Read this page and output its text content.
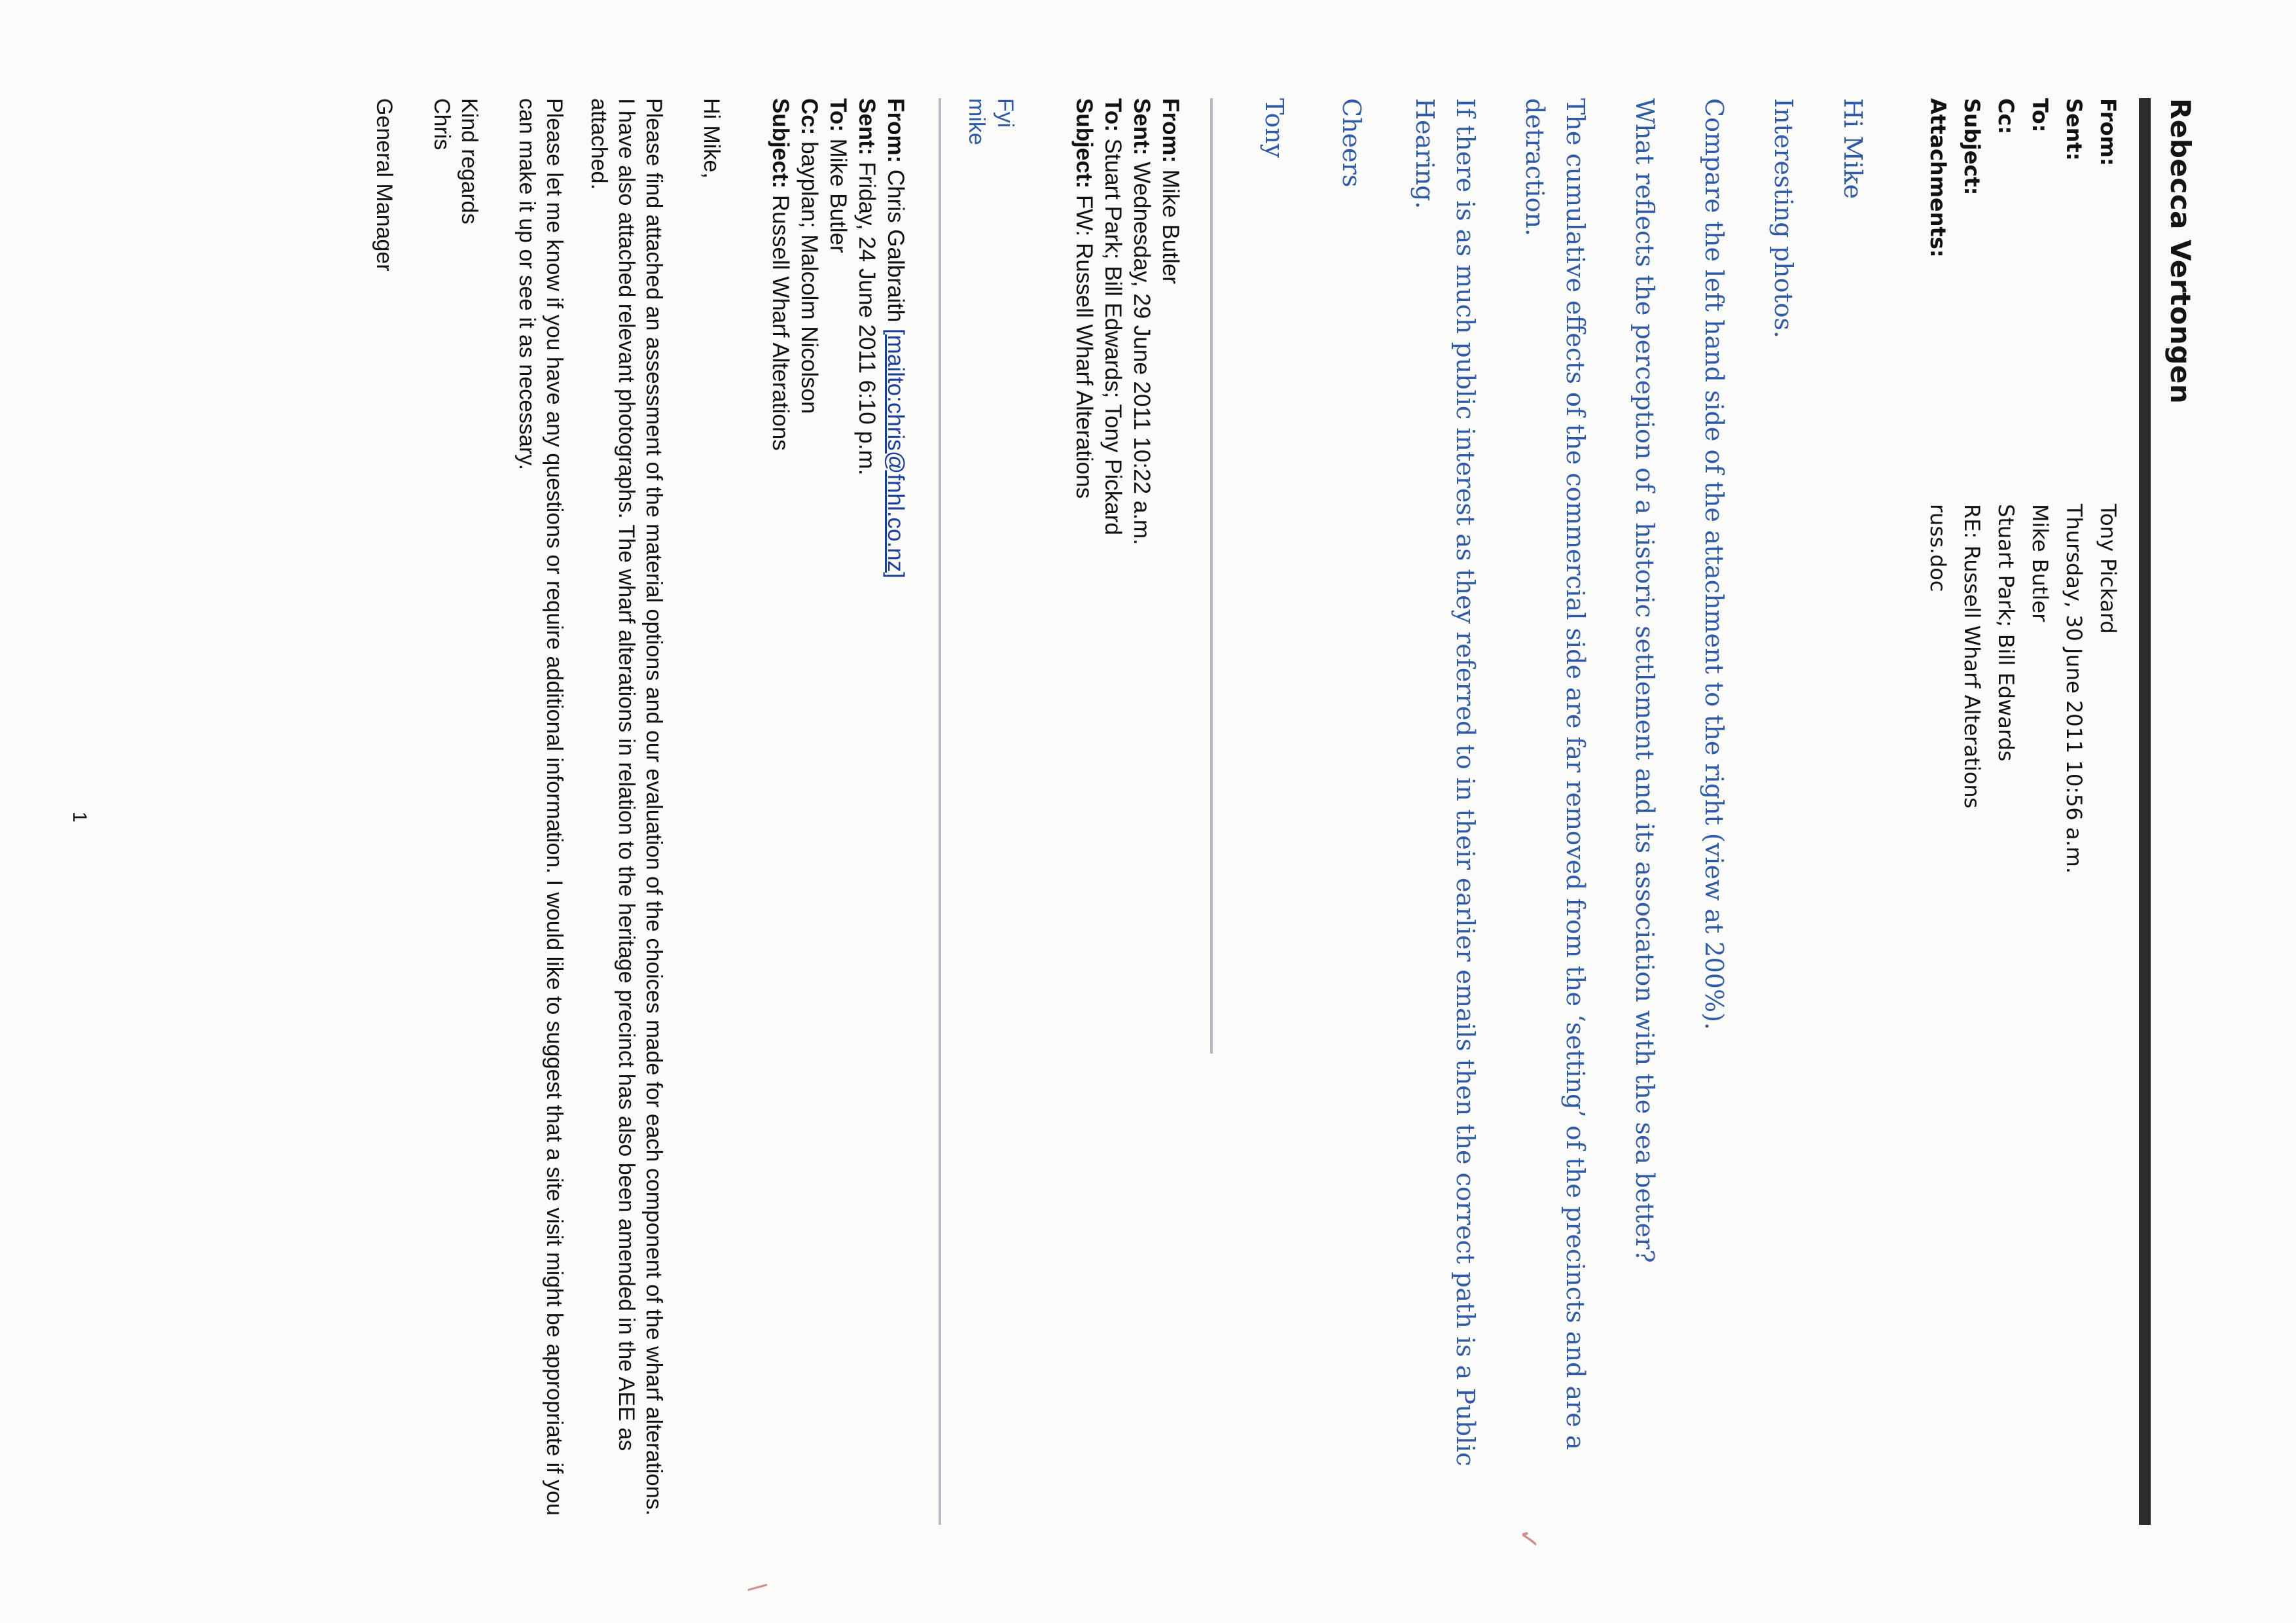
Rebecca Vertongen
From:
Tony Pickard
Sent:
Thursday, 30 June 2011 10:56 a.m.
To:
Mike Butler
Cc:
Stuart Park; Bill Edwards
Subject:
RE: Russell Wharf Alterations
Attachments:
russ.doc

Hi Mike

Interesting photos.

Compare the left hand side of the attachment to the right (view at 200%).

What reflects the perception of a historic settlement and its association with the sea better?

The cumulative effects of the commercial side are far removed from the ‘setting’ of the precincts and are a detraction.

If there is as much public interest as they referred to in their earlier emails then the correct path is a Public Hearing.

Cheers

Tony

From: Mike Butler
Sent: Wednesday, 29 June 2011 10:22 a.m.
To: Stuart Park; Bill Edwards; Tony Pickard
Subject: FW: Russell Wharf Alterations
Fyi
mike
From: Chris Galbraith [mailto:chris@fnhl.co.nz]
Sent: Friday, 24 June 2011 6:10 p.m.
To: Mike Butler
Cc: bayplan; Malcolm Nicolson
Subject: Russell Wharf Alterations

Hi Mike,

Please find attached an assessment of the material options and our evaluation of the choices made for each component of the wharf alterations. I have also attached relevant photographs. The wharf alterations in relation to the heritage precinct has also been amended in the AEE as attached.

Please let me know if you have any questions or require additional information. I would like to suggest that a site visit might be appropriate if you can make it up or see it as necessary.

Kind regards

Chris

General Manager

1
✓
\
